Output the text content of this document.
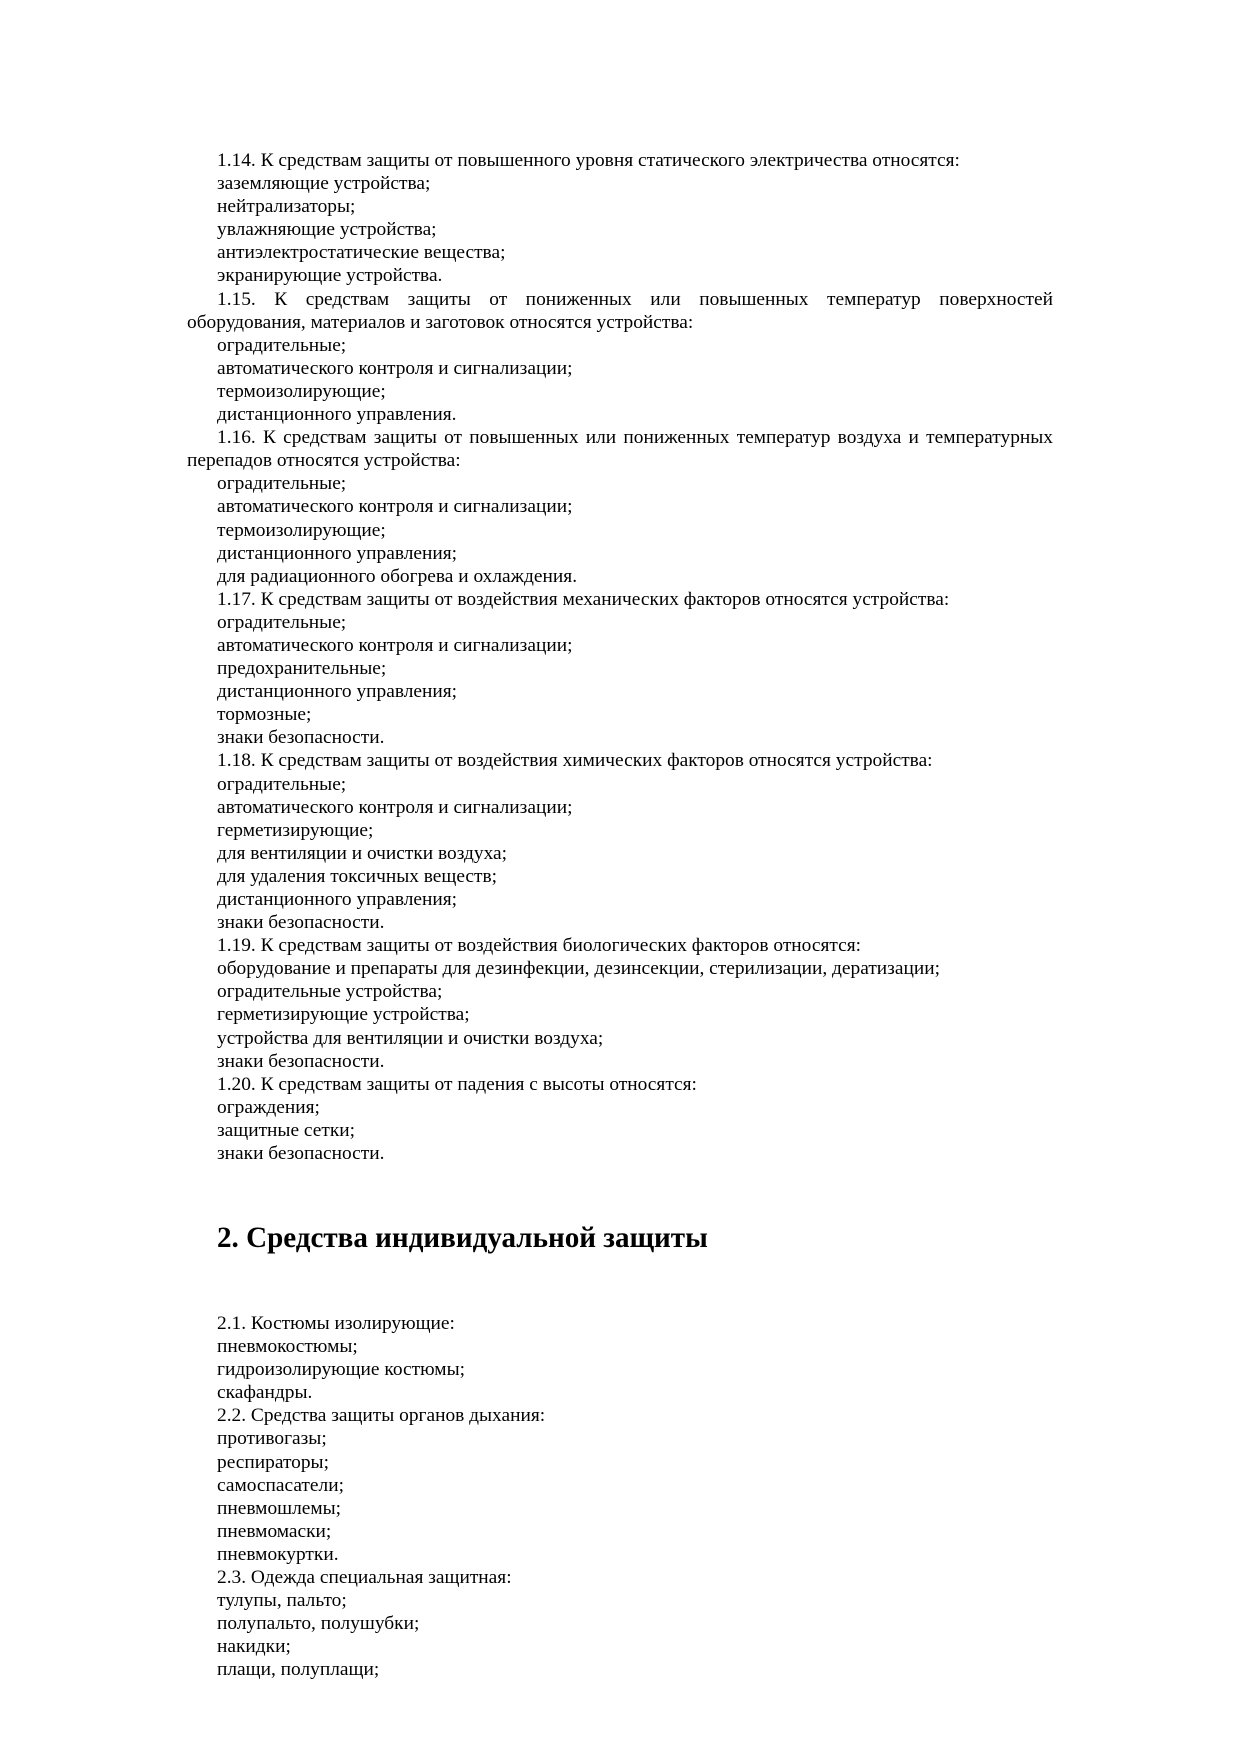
1.14. К средствам защиты от повышенного уровня статического электричества относятся:

заземляющие устройства;

нейтрализаторы;

увлажняющие устройства;

антиэлектростатические вещества;

экранирующие устройства.

1.15. К средствам защиты от пониженных или повышенных температур поверхностей оборудования, материалов и заготовок относятся устройства:

оградительные;

автоматического контроля и сигнализации;

термоизолирующие;

дистанционного управления.

1.16. К средствам защиты от повышенных или пониженных температур воздуха и температурных перепадов относятся устройства:

оградительные;

автоматического контроля и сигнализации;

термоизолирующие;

дистанционного управления;

для радиационного обогрева и охлаждения.

1.17. К средствам защиты от воздействия механических факторов относятся устройства:

оградительные;

автоматического контроля и сигнализации;

предохранительные;

дистанционного управления;

тормозные;

знаки безопасности.

1.18. К средствам защиты от воздействия химических факторов относятся устройства:

оградительные;

автоматического контроля и сигнализации;

герметизирующие;

для вентиляции и очистки воздуха;

для удаления токсичных веществ;

дистанционного управления;

знаки безопасности.

1.19. К средствам защиты от воздействия биологических факторов относятся:

оборудование и препараты для дезинфекции, дезинсекции, стерилизации, дератизации;

оградительные устройства;

герметизирующие устройства;

устройства для вентиляции и очистки воздуха;

знаки безопасности.

1.20. К средствам защиты от падения с высоты относятся:

ограждения;

защитные сетки;

знаки безопасности.

2. Средства индивидуальной защиты

2.1. Костюмы изолирующие:

пневмокостюмы;

гидроизолирующие костюмы;

скафандры.

2.2. Средства защиты органов дыхания:

противогазы;

респираторы;

самоспасатели;

пневмошлемы;

пневмомаски;

пневмокуртки.

2.3. Одежда специальная защитная:

тулупы, пальто;

полупальто, полушубки;

накидки;

плащи, полуплащи;
